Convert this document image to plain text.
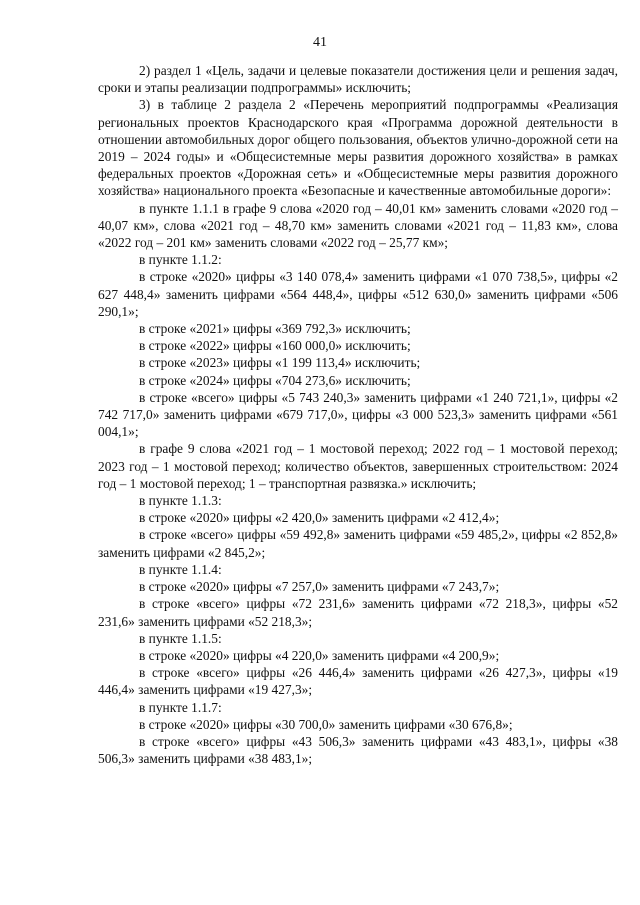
41

2) раздел 1 «Цель, задачи и целевые показатели достижения цели и решения задач, сроки и этапы реализации подпрограммы» исключить;

3) в таблице 2 раздела 2 «Перечень мероприятий подпрограммы «Реализация региональных проектов Краснодарского края «Программа дорожной деятельности в отношении автомобильных дорог общего пользования, объектов улично-дорожной сети на 2019 – 2024 годы» и «Общесистемные меры развития дорожного хозяйства» в рамках федеральных проектов «Дорожная сеть» и «Общесистемные меры развития дорожного хозяйства» национального проекта «Безопасные и качественные автомобильные дороги»:

в пункте 1.1.1 в графе 9 слова «2020 год – 40,01 км» заменить словами «2020 год – 40,07 км», слова «2021 год – 48,70 км» заменить словами «2021 год – 11,83 км», слова «2022 год – 201 км» заменить словами «2022 год – 25,77 км»;

в пункте 1.1.2:

в строке «2020» цифры «3 140 078,4» заменить цифрами «1 070 738,5», цифры «2 627 448,4» заменить цифрами «564 448,4», цифры «512 630,0» заменить цифрами «506 290,1»;

в строке «2021» цифры «369 792,3» исключить;

в строке «2022» цифры «160 000,0» исключить;

в строке «2023» цифры «1 199 113,4» исключить;

в строке «2024» цифры «704 273,6» исключить;

в строке «всего» цифры «5 743 240,3» заменить цифрами «1 240 721,1», цифры «2 742 717,0» заменить цифрами «679 717,0», цифры «3 000 523,3» заменить цифрами «561 004,1»;

в графе 9 слова «2021 год – 1 мостовой переход; 2022 год – 1 мостовой переход; 2023 год – 1 мостовой переход; количество объектов, завершенных строительством: 2024 год – 1 мостовой переход; 1 – транспортная развязка.» исключить;

в пункте 1.1.3:

в строке «2020» цифры «2 420,0» заменить цифрами «2 412,4»;

в строке «всего» цифры «59 492,8» заменить цифрами «59 485,2», цифры «2 852,8» заменить цифрами «2 845,2»;

в пункте 1.1.4:

в строке «2020» цифры «7 257,0» заменить цифрами «7 243,7»;

в строке «всего» цифры «72 231,6» заменить цифрами «72 218,3», цифры «52 231,6» заменить цифрами «52 218,3»;

в пункте 1.1.5:

в строке «2020» цифры «4 220,0» заменить цифрами «4 200,9»;

в строке «всего» цифры «26 446,4» заменить цифрами «26 427,3», цифры «19 446,4» заменить цифрами «19 427,3»;

в пункте 1.1.7:

в строке «2020» цифры «30 700,0» заменить цифрами «30 676,8»;

в строке «всего» цифры «43 506,3» заменить цифрами «43 483,1», цифры «38 506,3» заменить цифрами «38 483,1»;
